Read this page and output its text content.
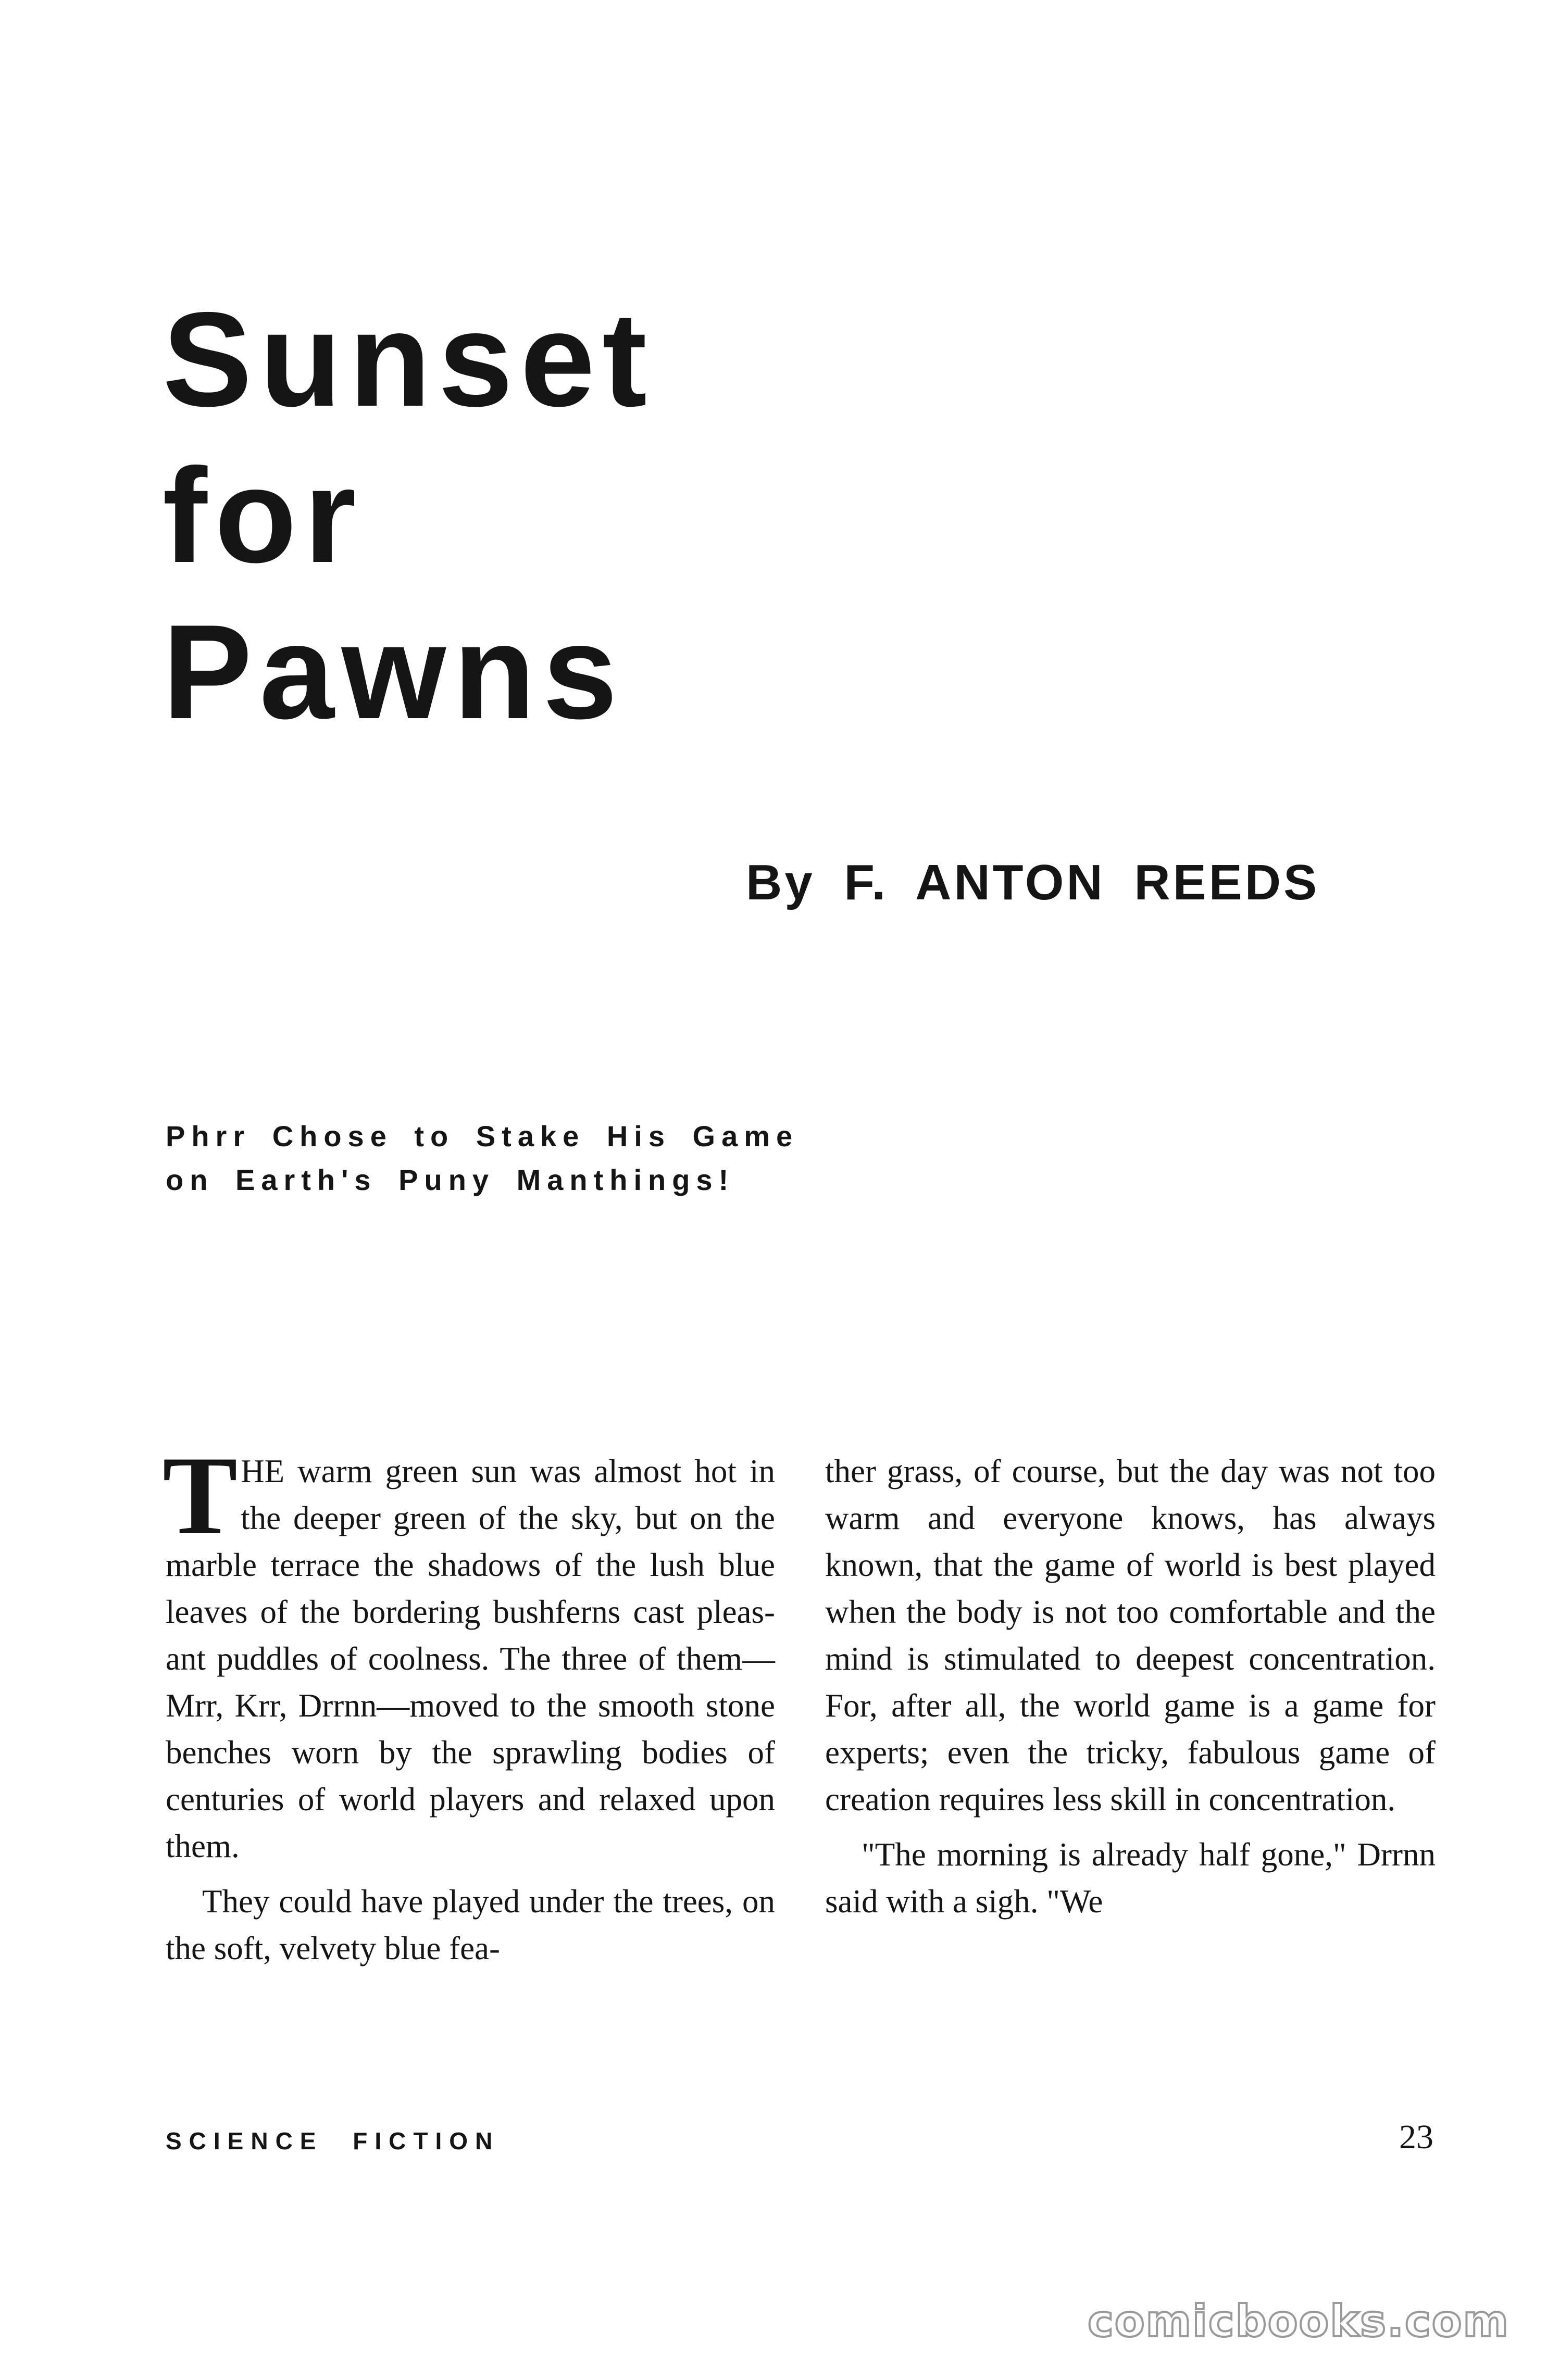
Sunset
for
Pawns
By F. ANTON REEDS
Phrr Chose to Stake His Game
on Earth's Puny Manthings!

THE warm green sun was almost hot in the deeper green of the sky, but on the marble terrace the shadows of the lush blue leaves of the bordering bushferns cast pleasant puddles of coolness. The three of them—Mrr, Krr, Drrnn—moved to the smooth stone benches worn by the sprawling bodies of centuries of world players and relaxed upon them.

They could have played under the trees, on the soft, velvety blue fea-

ther grass, of course, but the day was not too warm and everyone knows, has always known, that the game of world is best played when the body is not too comfortable and the mind is stimulated to deepest concentration. For, after all, the world game is a game for experts; even the tricky, fabulous game of creation requires less skill in concentration.

"The morning is already half gone," Drrnn said with a sigh. "We

SCIENCE FICTION	23
comicbooks.com
